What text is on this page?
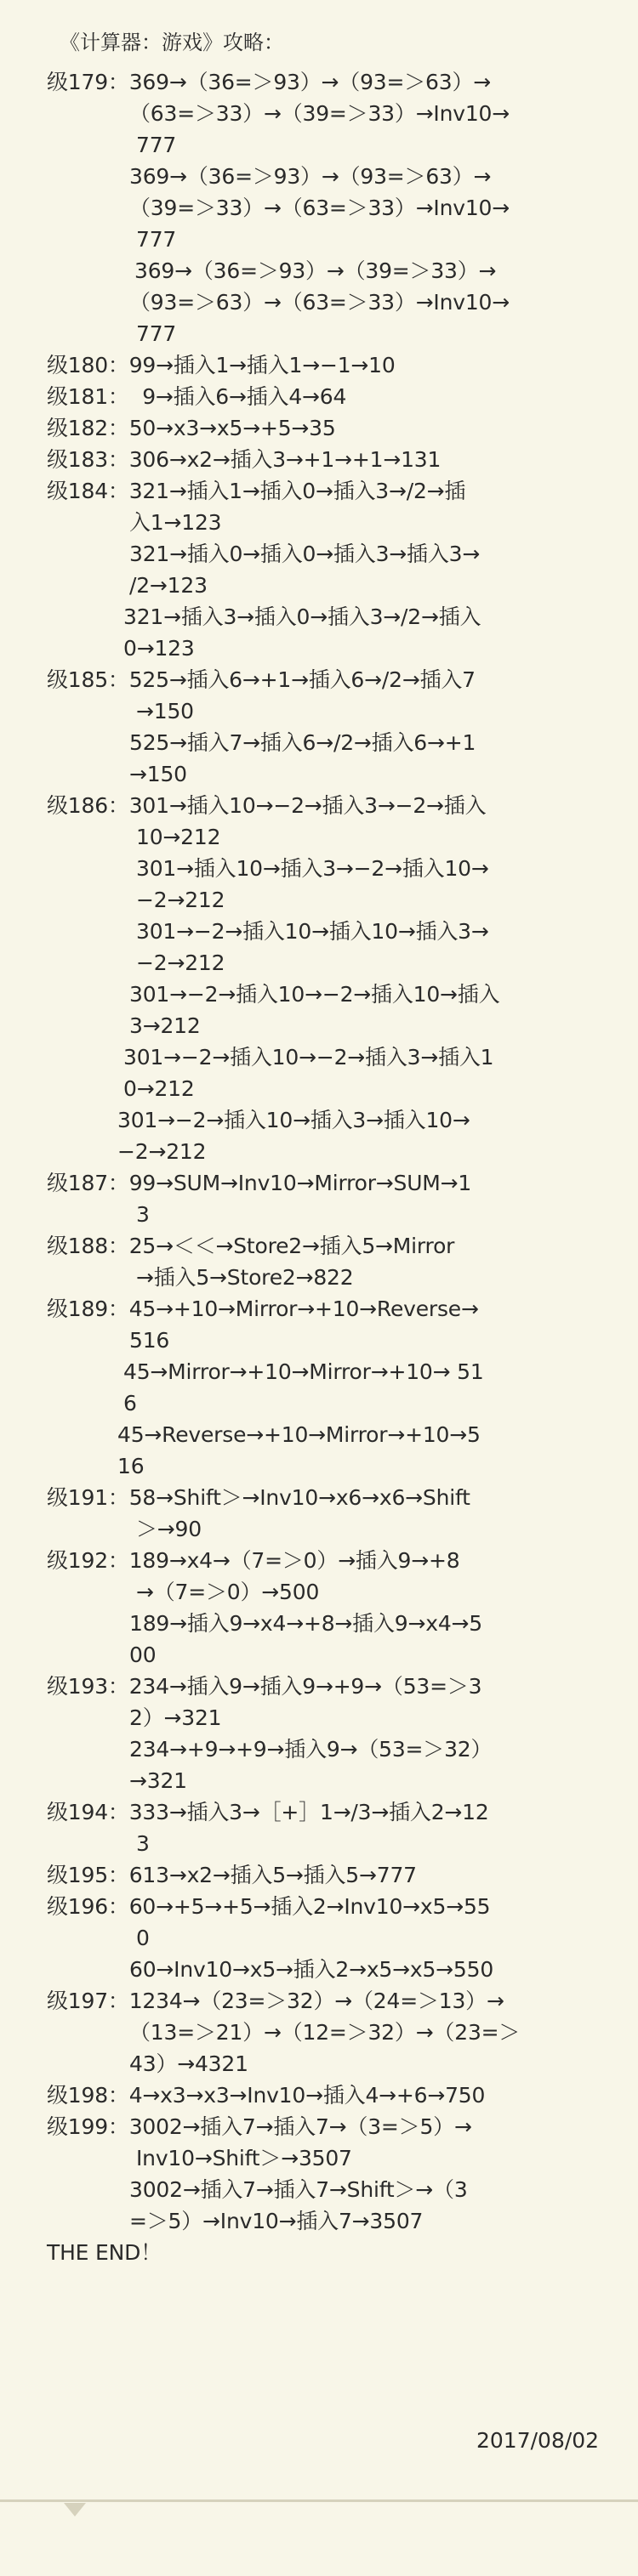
《计算器：游戏》攻略：
级179：369→（36=＞93）→（93=＞63）→
（63=＞33）→（39=＞33）→Inv10→
777
369→（36=＞93）→（93=＞63）→
（39=＞33）→（63=＞33）→Inv10→
777
369→（36=＞93）→（39=＞33）→
（93=＞63）→（63=＞33）→Inv10→
777
级180：99→插入1→插入1→−1→10
级181：  9→插入6→插入4→64
级182：50→x3→x5→+5→35
级183：306→x2→插入3→+1→+1→131
级184：321→插入1→插入0→插入3→/2→插
入1→123
321→插入0→插入0→插入3→插入3→
/2→123
321→插入3→插入0→插入3→/2→插入
0→123
级185：525→插入6→+1→插入6→/2→插入7
→150
525→插入7→插入6→/2→插入6→+1
→150
级186：301→插入10→−2→插入3→−2→插入
10→212
301→插入10→插入3→−2→插入10→
−2→212
301→−2→插入10→插入10→插入3→
−2→212
301→−2→插入10→−2→插入10→插入
3→212
301→−2→插入10→−2→插入3→插入1
0→212
301→−2→插入10→插入3→插入10→
−2→212
级187：99→SUM→Inv10→Mirror→SUM→1
3
级188：25→＜＜→Store2→插入5→Mirror
→插入5→Store2→822
级189：45→+10→Mirror→+10→Reverse→
516
45→Mirror→+10→Mirror→+10→ 51
6
45→Reverse→+10→Mirror→+10→5
16
级191：58→Shift＞→Inv10→x6→x6→Shift
＞→90
级192：189→x4→（7=＞0）→插入9→+8
→（7=＞0）→500
189→插入9→x4→+8→插入9→x4→5
00
级193：234→插入9→插入9→+9→（53=＞3
2）→321
234→+9→+9→插入9→（53=＞32）
→321
级194：333→插入3→［+］1→/3→插入2→12
3
级195：613→x2→插入5→插入5→777
级196：60→+5→+5→插入2→Inv10→x5→55
0
60→Inv10→x5→插入2→x5→x5→550
级197：1234→（23=＞32）→（24=＞13）→
（13=＞21）→（12=＞32）→（23=＞
43）→4321
级198：4→x3→x3→Inv10→插入4→+6→750
级199：3002→插入7→插入7→（3=＞5）→
Inv10→Shift＞→3507
3002→插入7→插入7→Shift＞→（3
=＞5）→Inv10→插入7→3507
THE END！
2017/08/02
